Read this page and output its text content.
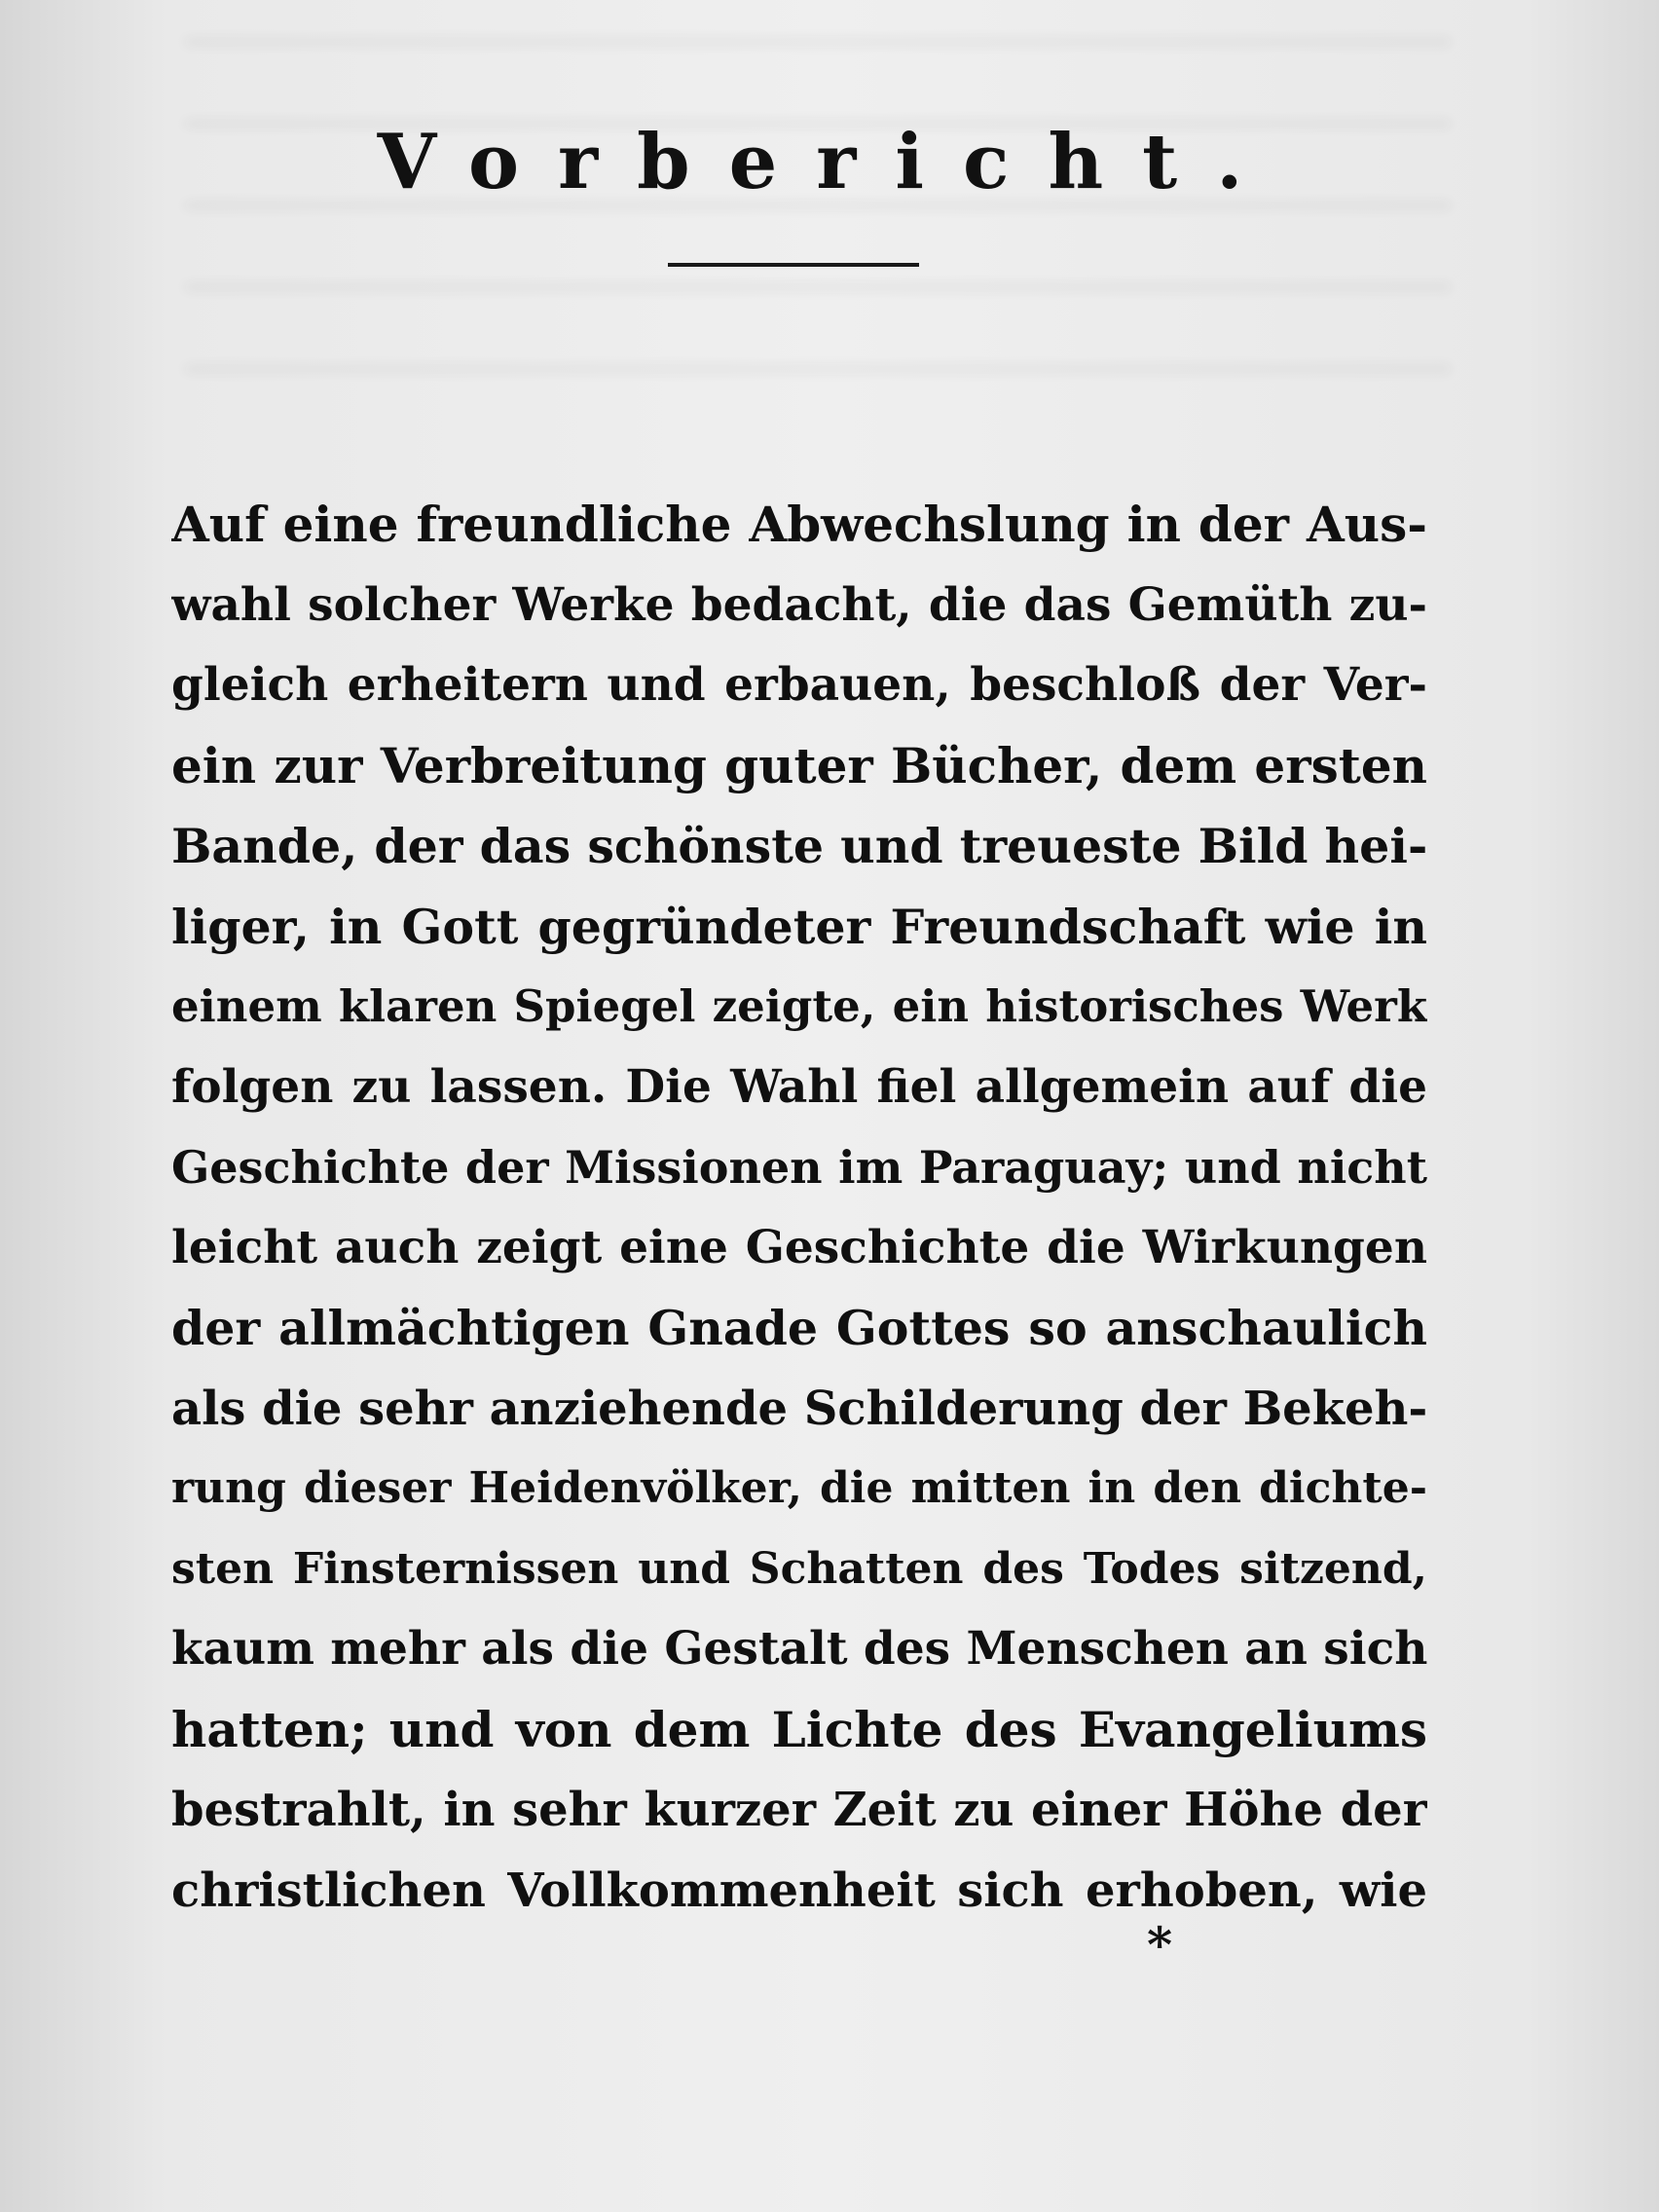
Vorbericht.
Auf eine freundliche Abwechslung in der Aus-
wahl solcher Werke bedacht, die das Gemüth zu-
gleich erheitern und erbauen, beschloß der Ver-
ein zur Verbreitung guter Bücher, dem ersten
Bande, der das schönste und treueste Bild hei-
liger, in Gott gegründeter Freundschaft wie in
einem klaren Spiegel zeigte, ein historisches Werk
folgen zu lassen. Die Wahl fiel allgemein auf die
Geschichte der Missionen im Paraguay; und nicht
leicht auch zeigt eine Geschichte die Wirkungen
der allmächtigen Gnade Gottes so anschaulich
als die sehr anziehende Schilderung der Bekeh-
rung dieser Heidenvölker, die mitten in den dichte-
sten Finsternissen und Schatten des Todes sitzend,
kaum mehr als die Gestalt des Menschen an sich
hatten; und von dem Lichte des Evangeliums
bestrahlt, in sehr kurzer Zeit zu einer Höhe der
christlichen Vollkommenheit sich erhoben, wie
*
